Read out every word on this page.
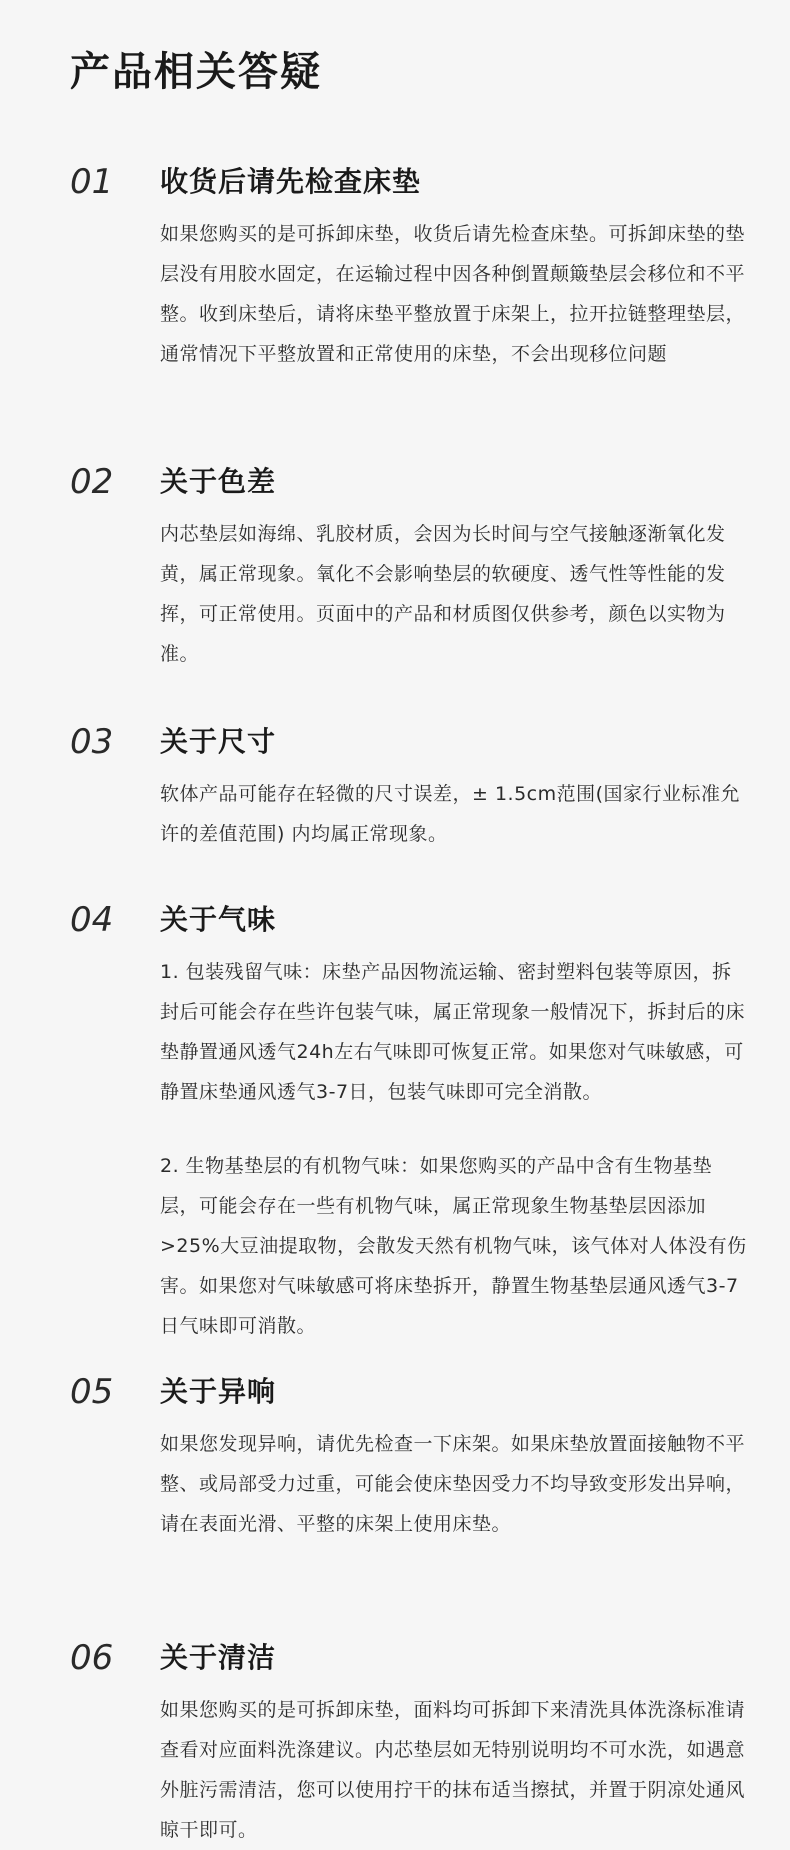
产品相关答疑
01 收货后请先检查床垫

如果您购买的是可拆卸床垫，收货后请先检查床垫。可拆卸床垫的垫层没有用胶水固定，在运输过程中因各种倒置颠簸垫层会移位和不平整。收到床垫后，请将床垫平整放置于床架上，拉开拉链整理垫层，通常情况下平整放置和正常使用的床垫，不会出现移位问题

02 关于色差

内芯垫层如海绵、乳胶材质，会因为长时间与空气接触逐渐氧化发黄，属正常现象。氧化不会影响垫层的软硬度、透气性等性能的发挥，可正常使用。页面中的产品和材质图仅供参考，颜色以实物为准。

03 关于尺寸

软体产品可能存在轻微的尺寸误差，± 1.5cm范围(国家行业标准允许的差值范围) 内均属正常现象。

04 关于气味

1. 包装残留气味：床垫产品因物流运输、密封塑料包装等原因，拆封后可能会存在些许包装气味，属正常现象一般情况下，拆封后的床垫静置通风透气24h左右气味即可恢复正常。如果您对气味敏感，可静置床垫通风透气3-7日，包装气味即可完全消散。

2. 生物基垫层的有机物气味：如果您购买的产品中含有生物基垫层，可能会存在一些有机物气味，属正常现象生物基垫层因添加>25%大豆油提取物，会散发天然有机物气味，该气体对人体没有伤害。如果您对气味敏感可将床垫拆开，静置生物基垫层通风透气3-7日气味即可消散。

05 关于异响

如果您发现异响，请优先检查一下床架。如果床垫放置面接触物不平整、或局部受力过重，可能会使床垫因受力不均导致变形发出异响，请在表面光滑、平整的床架上使用床垫。

06 关于清洁

如果您购买的是可拆卸床垫，面料均可拆卸下来清洗具体洗涤标准请查看对应面料洗涤建议。内芯垫层如无特别说明均不可水洗，如遇意外脏污需清洁，您可以使用拧干的抹布适当擦拭，并置于阴凉处通风晾干即可。
